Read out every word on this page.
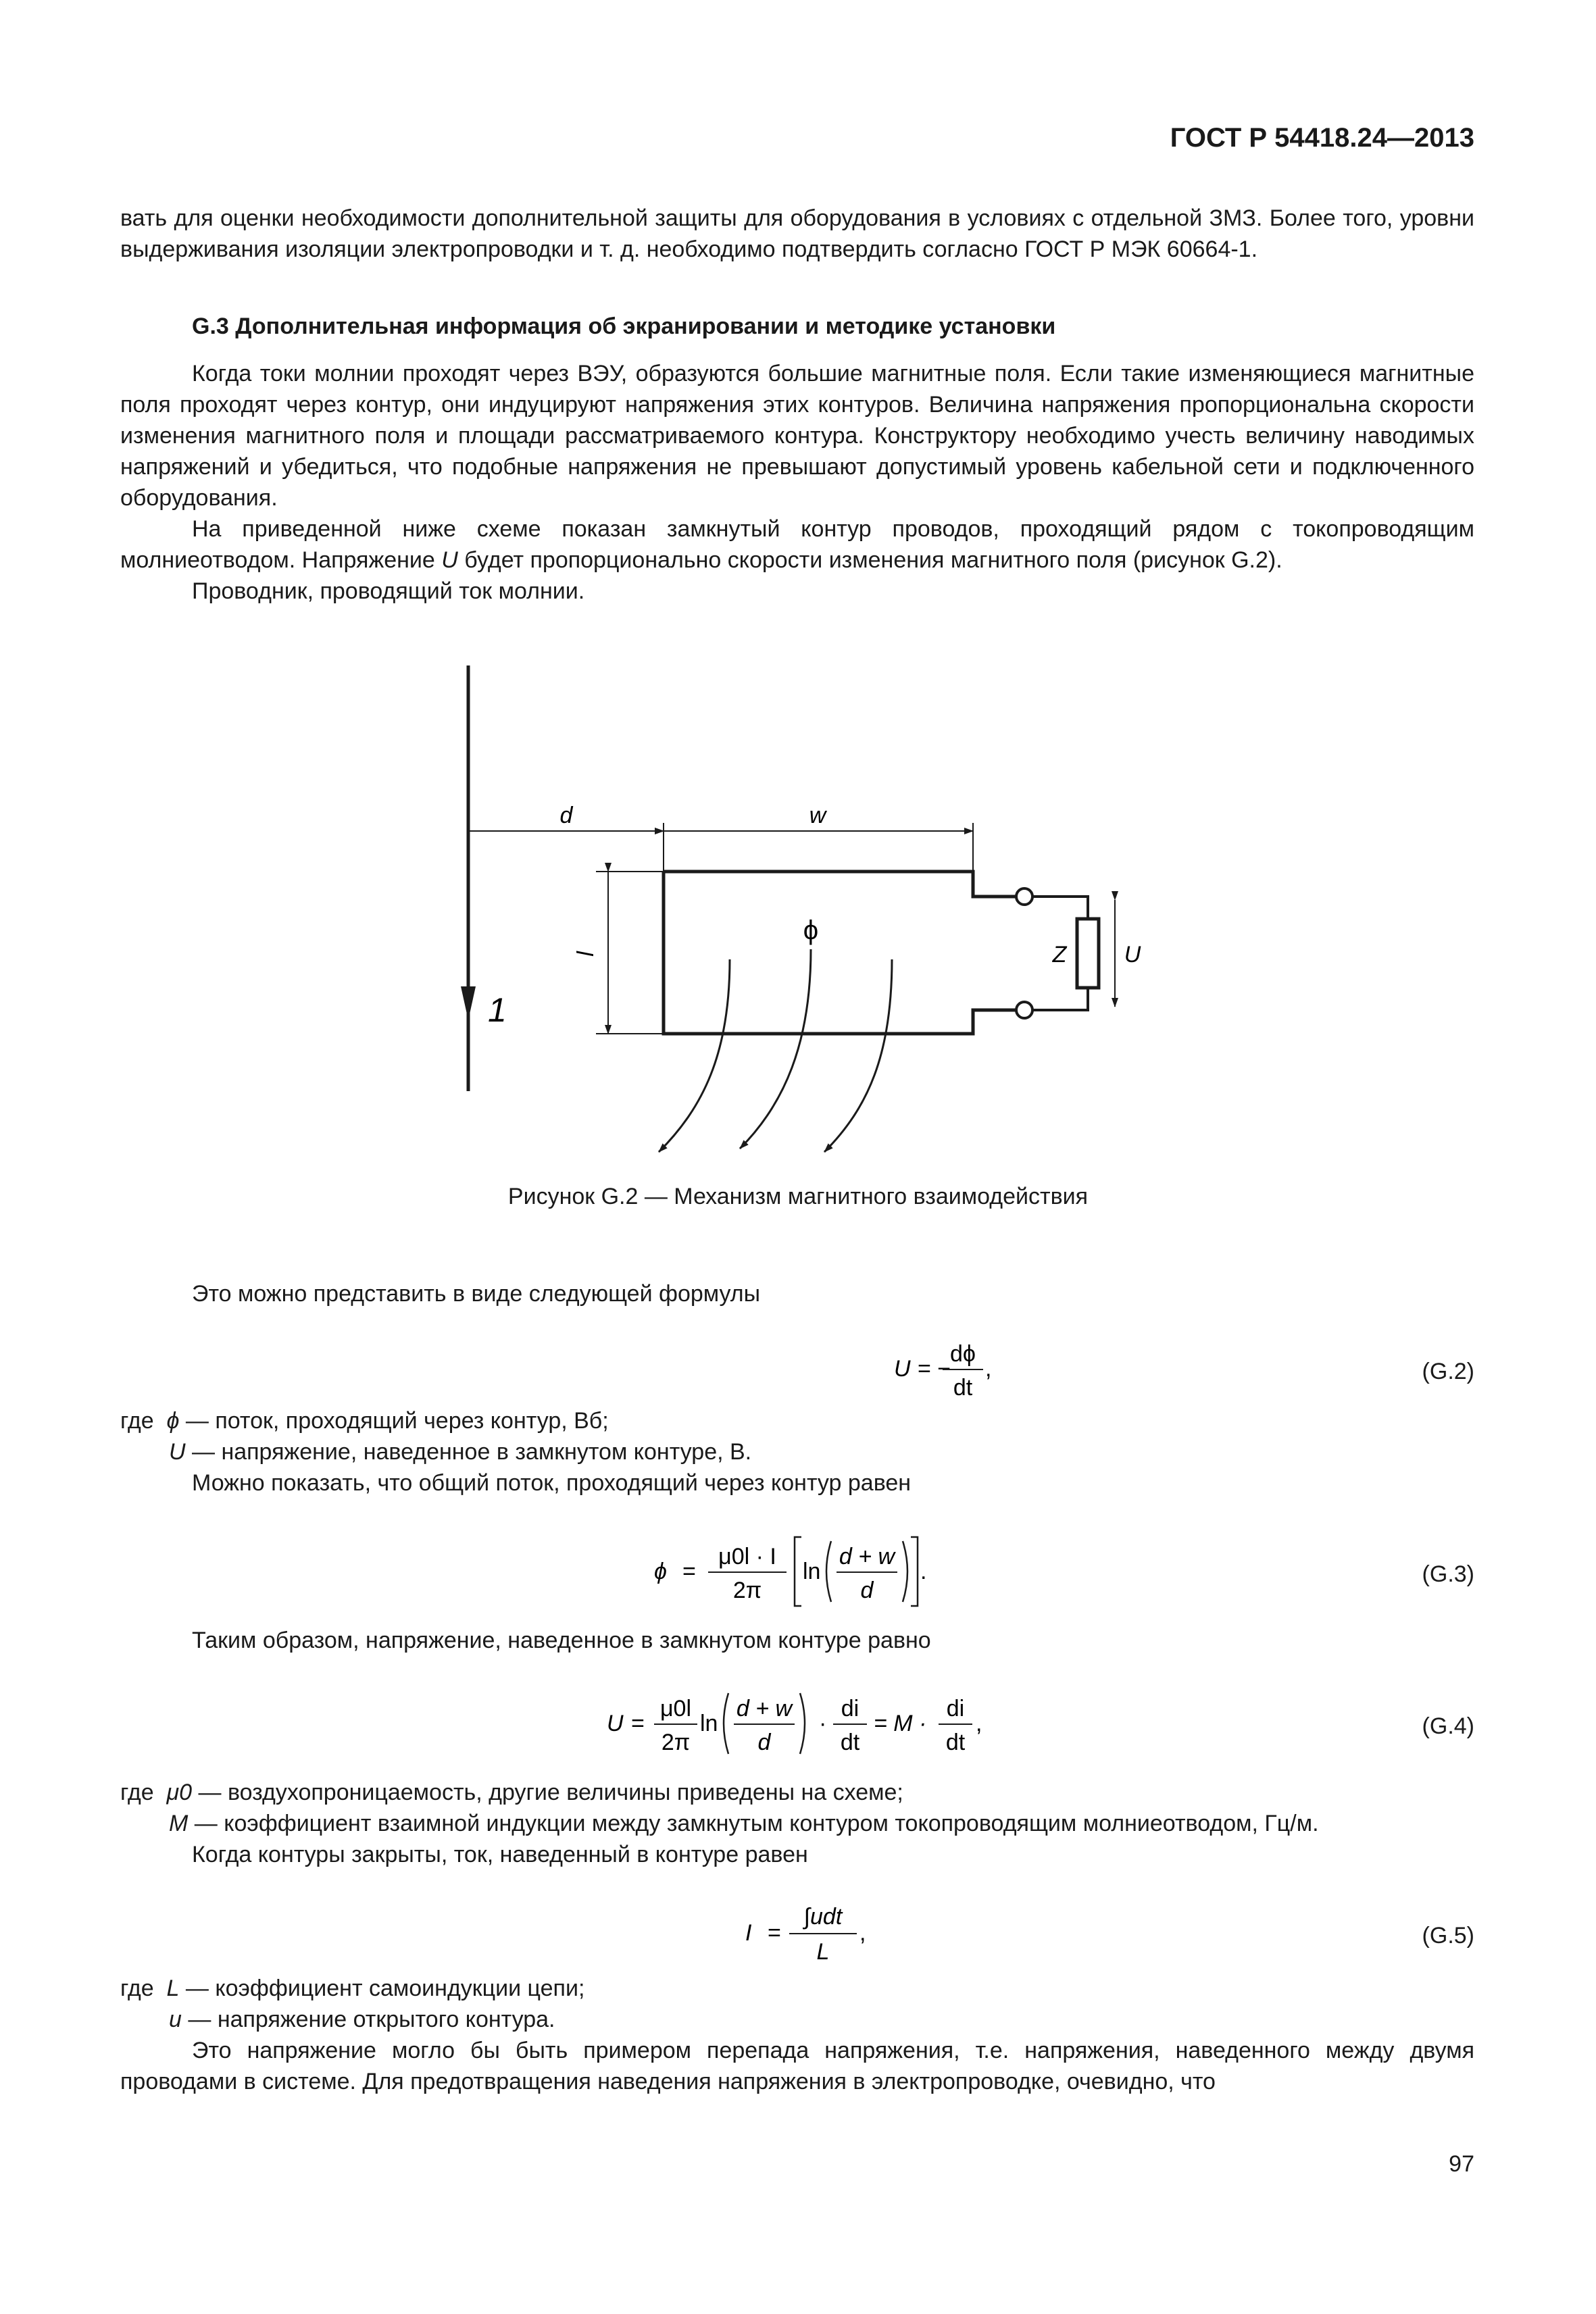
ГОСТ Р 54418.24—2013

вать для оценки необходимости дополнительной защиты для оборудования в условиях с отдельной ЗМЗ. Более того, уровни выдерживания изоляции электропроводки и т. д. необходимо подтвердить согласно ГОСТ Р МЭК 60664-1.

G.3 Дополнительная информация об экранировании и методике установки

Когда токи молнии проходят через ВЭУ, образуются большие магнитные поля. Если такие изменяющиеся магнитные поля проходят через контур, они индуцируют напряжения этих контуров. Величина напряжения пропорциональна скорости изменения магнитного поля и площади рассматриваемого контура. Конструктору необходимо учесть величину наводимых напряжений и убедиться, что подобные напряжения не превышают допустимый уровень кабельной сети и подключенного оборудования.

На приведенной ниже схеме показан замкнутый контур проводов, проходящий рядом с токопроводящим молниеотводом. Напряжение U будет пропорционально скорости изменения магнитного поля (рисунок G.2).

Проводник, проводящий ток молнии.

1
d	w
l	Z	U
ϕ
Рисунок G.2 — Механизм магнитного взаимодействия

Это можно представить в виде следующей формулы

U = −
dϕ
dt
,	(G.2)
где ϕ — поток, проходящий через контур, Вб;
U — напряжение, наведенное в замкнутом контуре, В.
Можно показать, что общий поток, проходящий через контур равен
ϕ =
μ0l · I
2π
ln
d + w
d
.	(G.3)

Таким образом, напряжение, наведенное в замкнутом контуре равно

U =
μ0l
2π
ln
d + w
d
·
di
dt
= M ·
di
dt
,	(G.4)
где μ0 — воздухопроницаемость, другие величины приведены на схеме;
M — коэффициент взаимной индукции между замкнутым контуром токопроводящим молниеотводом, Гц/м.
Когда контуры закрыты, ток, наведенный в контуре равен
I =
∫udt
L
,	(G.5)
где L — коэффициент самоиндукции цепи;
u — напряжение открытого контура.

Это напряжение могло бы быть примером перепада напряжения, т.е. напряжения, наведенного между двумя проводами в системе. Для предотвращения наведения напряжения в электропроводке, очевидно, что

97
